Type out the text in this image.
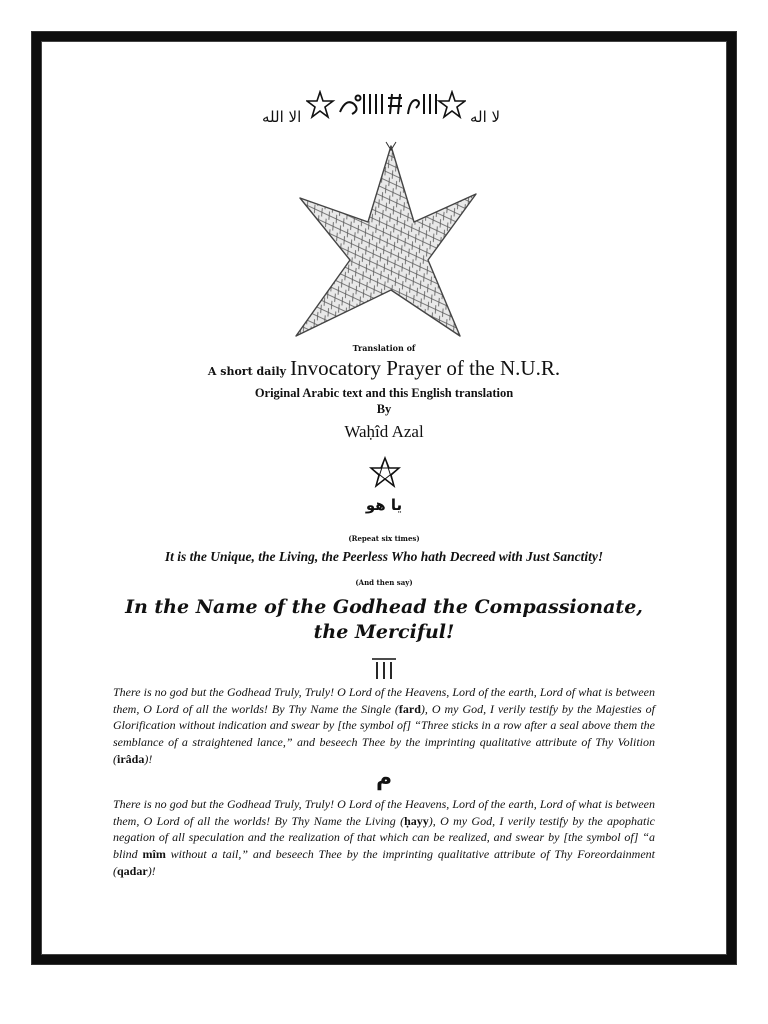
الا الله	لا اله
Translation of
A short daily Invocatory Prayer of the N.U.R.
Original Arabic text and this English translation
By
Waḥîd Azal
يا هو
(Repeat six times)
It is the Unique, the Living, the Peerless Who hath Decreed with Just Sanctity!
(And then say)
In the Name of the Godhead the Compassionate, the Merciful!
There is no god but the Godhead Truly, Truly! O Lord of the Heavens, Lord of the earth, Lord of what is between them, O Lord of all the worlds! By Thy Name the Single (fard), O my God, I verily testify by the Majesties of Glorification without indication and swear by [the symbol of] “Three sticks in a row after a seal above them the semblance of a straightened lance,” and beseech Thee by the imprinting qualitative attribute of Thy Volition (irâda)!
م
There is no god but the Godhead Truly, Truly! O Lord of the Heavens, Lord of the earth, Lord of what is between them, O Lord of all the worlds! By Thy Name the Living (ḥayy), O my God, I verily testify by the apophatic negation of all speculation and the realization of that which can be realized, and swear by [the symbol of] “a blind mîm without a tail,” and beseech Thee by the imprinting qualitative attribute of Thy Foreordainment (qadar)!
